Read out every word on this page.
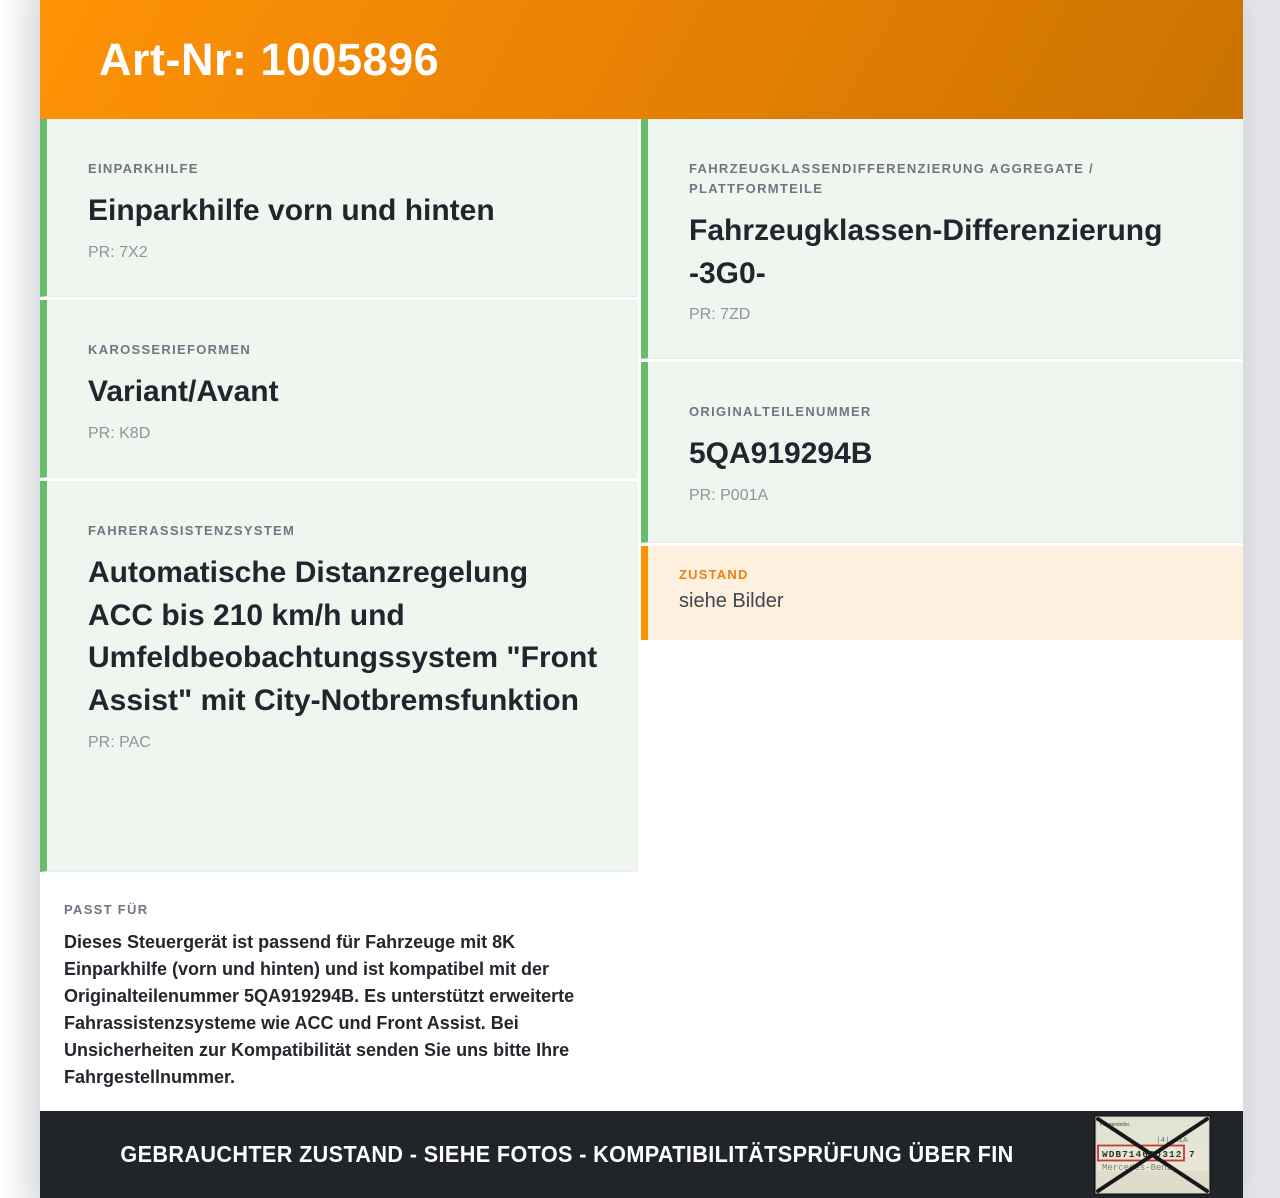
Art-Nr: 1005896
EINPARKHILFE
Einparkhilfe vorn und hinten
PR: 7X2
KAROSSERIEFORMEN
Variant/Avant
PR: K8D
FAHRERASSISTENZSYSTEM
Automatische Distanzregelung ACC bis 210 km/h und Umfeldbeobachtungssystem "Front Assist" mit City-Notbremsfunktion
PR: PAC
PASST FÜR
Dieses Steuergerät ist passend für Fahrzeuge mit 8K Einparkhilfe (vorn und hinten) und ist kompatibel mit der Originalteilenummer 5QA919294B. Es unterstützt erweiterte Fahrassistenzsysteme wie ACC und Front Assist. Bei Unsicherheiten zur Kompatibilität senden Sie uns bitte Ihre Fahrgestellnummer.
FAHRZEUGKLASSENDIFFERENZIERUNG AGGREGATE / PLATTFORMTEILE
Fahrzeugklassen-Differenzierung -3G0-
PR: 7ZD
ORIGINALTEILENUMMER
5QA919294B
PR: P001A
ZUSTAND
siehe Bilder
GEBRAUCHTER ZUSTAND - SIEHE FOTOS - KOMPATIBILITÄTSPRÜFUNG ÜBER FIN
Fahrgestellnr.
|4| AIA
WDB71463J312 7
Mercedes-Benz
